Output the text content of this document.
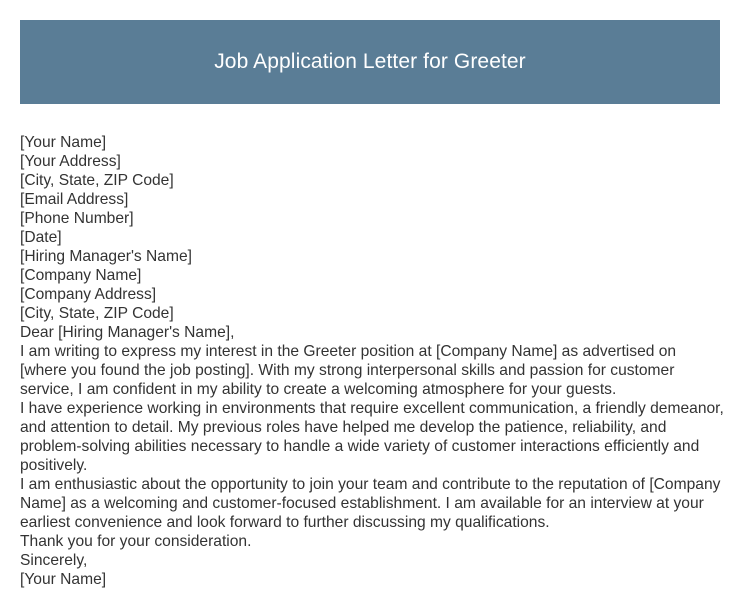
Job Application Letter for Greeter
[Your Name]
[Your Address]
[City, State, ZIP Code]
[Email Address]
[Phone Number]
[Date]
[Hiring Manager's Name]
[Company Name]
[Company Address]
[City, State, ZIP Code]
Dear [Hiring Manager's Name],

I am writing to express my interest in the Greeter position at [Company Name] as advertised on [where you found the job posting]. With my strong interpersonal skills and passion for customer service, I am confident in my ability to create a welcoming atmosphere for your guests.

I have experience working in environments that require excellent communication, a friendly demeanor, and attention to detail. My previous roles have helped me develop the patience, reliability, and problem-solving abilities necessary to handle a wide variety of customer interactions efficiently and positively.

I am enthusiastic about the opportunity to join your team and contribute to the reputation of [Company Name] as a welcoming and customer-focused establishment. I am available for an interview at your earliest convenience and look forward to further discussing my qualifications.

Thank you for your consideration.

Sincerely,
[Your Name]
